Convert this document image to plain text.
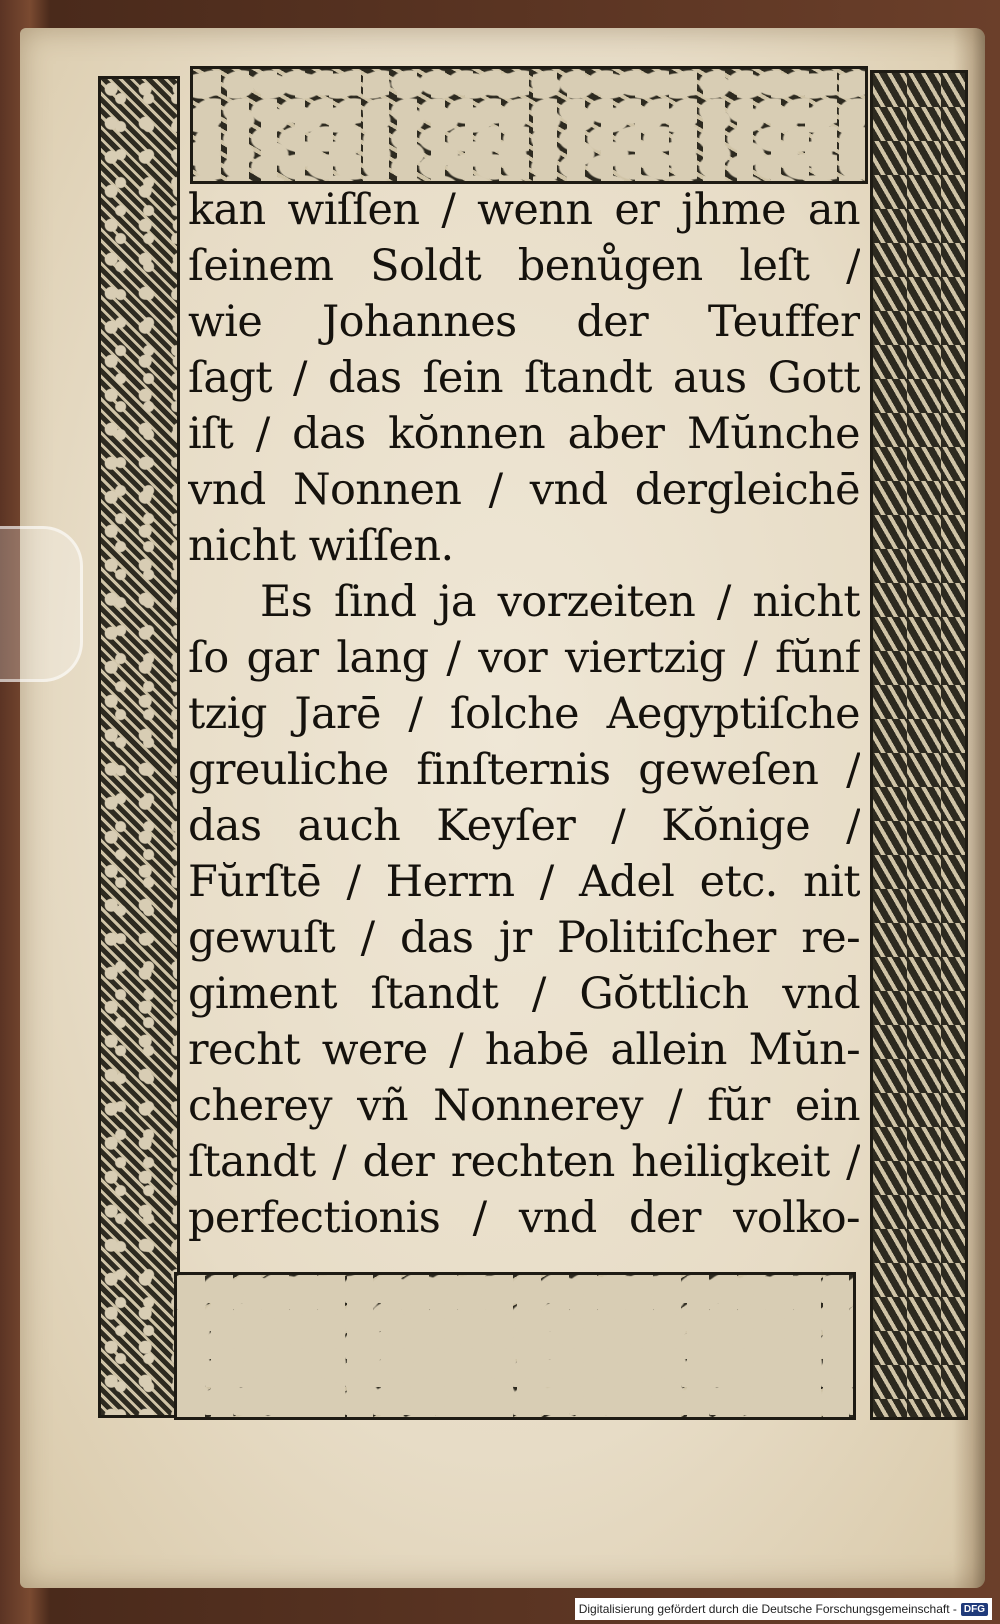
kan wiſſen / wenn er jhme an
ſeinem Soldt benůgen leſt /
wie Johannes der Teuffer
ſagt / das ſein ſtandt aus Gott
iſt / das kŏnnen aber Mŭnche
vnd Nonnen / vnd dergleichē
nicht wiſſen.
Es ſind ja vorzeiten / nicht
ſo gar lang / vor viertzig / fŭnf
tzig Jarē / ſolche Aegyptiſche
greuliche finſternis geweſen /
das auch Keyſer / Kŏnige /
Fŭrſtē / Herrn / Adel etc. nit
gewuſt / das jr Politiſcher re-
giment ſtandt / Gŏttlich vnd
recht were / habē allein Mŭn-
cherey vñ Nonnerey / fŭr ein
ſtandt / der rechten heiligkeit /
perfectionis / vnd der volko-
Digitalisierung gefördert durch die Deutsche Forschungsgemeinschaft - DFG
